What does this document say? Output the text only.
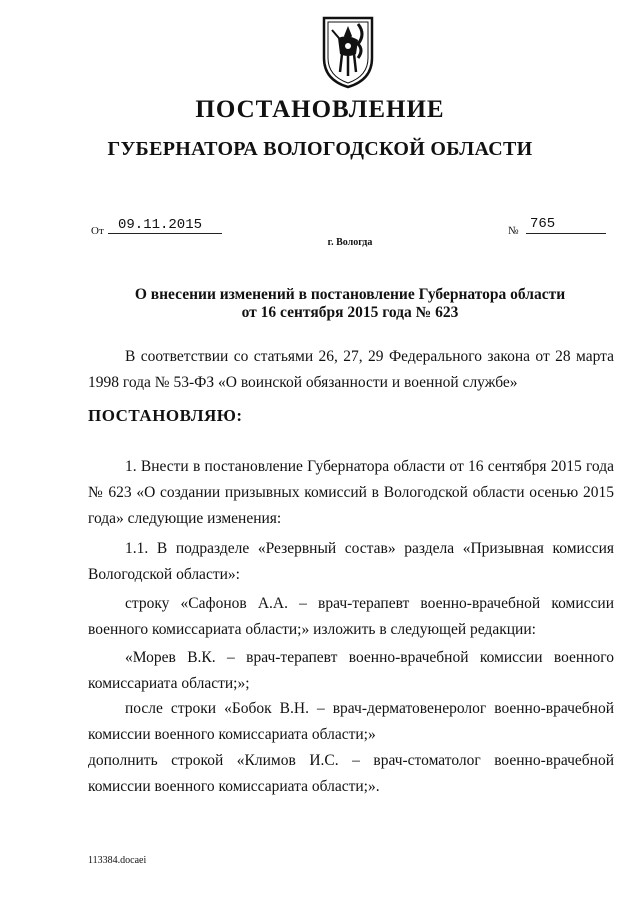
ПОСТАНОВЛЕНИЕ
ГУБЕРНАТОРА ВОЛОГОДСКОЙ ОБЛАСТИ
От 09.11.2015	№ 765
г. Вологда
О внесении изменений в постановление Губернатора области
от 16 сентября 2015 года № 623
В соответствии со статьями 26, 27, 29 Федерального закона от 28 марта 1998 года № 53-ФЗ «О воинской обязанности и военной службе»
ПОСТАНОВЛЯЮ:
1. Внести в постановление Губернатора области от 16 сентября 2015 года № 623 «О создании призывных комиссий в Вологодской области осенью 2015 года» следующие изменения:
1.1. В подразделе «Резервный состав» раздела «Призывная комиссия Вологодской области»:
строку «Сафонов А.А. – врач-терапевт военно-врачебной комиссии военного комиссариата области;» изложить в следующей редакции:
«Морев В.К. – врач-терапевт военно-врачебной комиссии военного комиссариата области;»;
после строки «Бобок В.Н. – врач-дерматовенеролог военно-врачебной комиссии военного комиссариата области;»
дополнить строкой «Климов И.С. – врач-стоматолог военно-врачебной комиссии военного комиссариата области;».
113384.docaei
